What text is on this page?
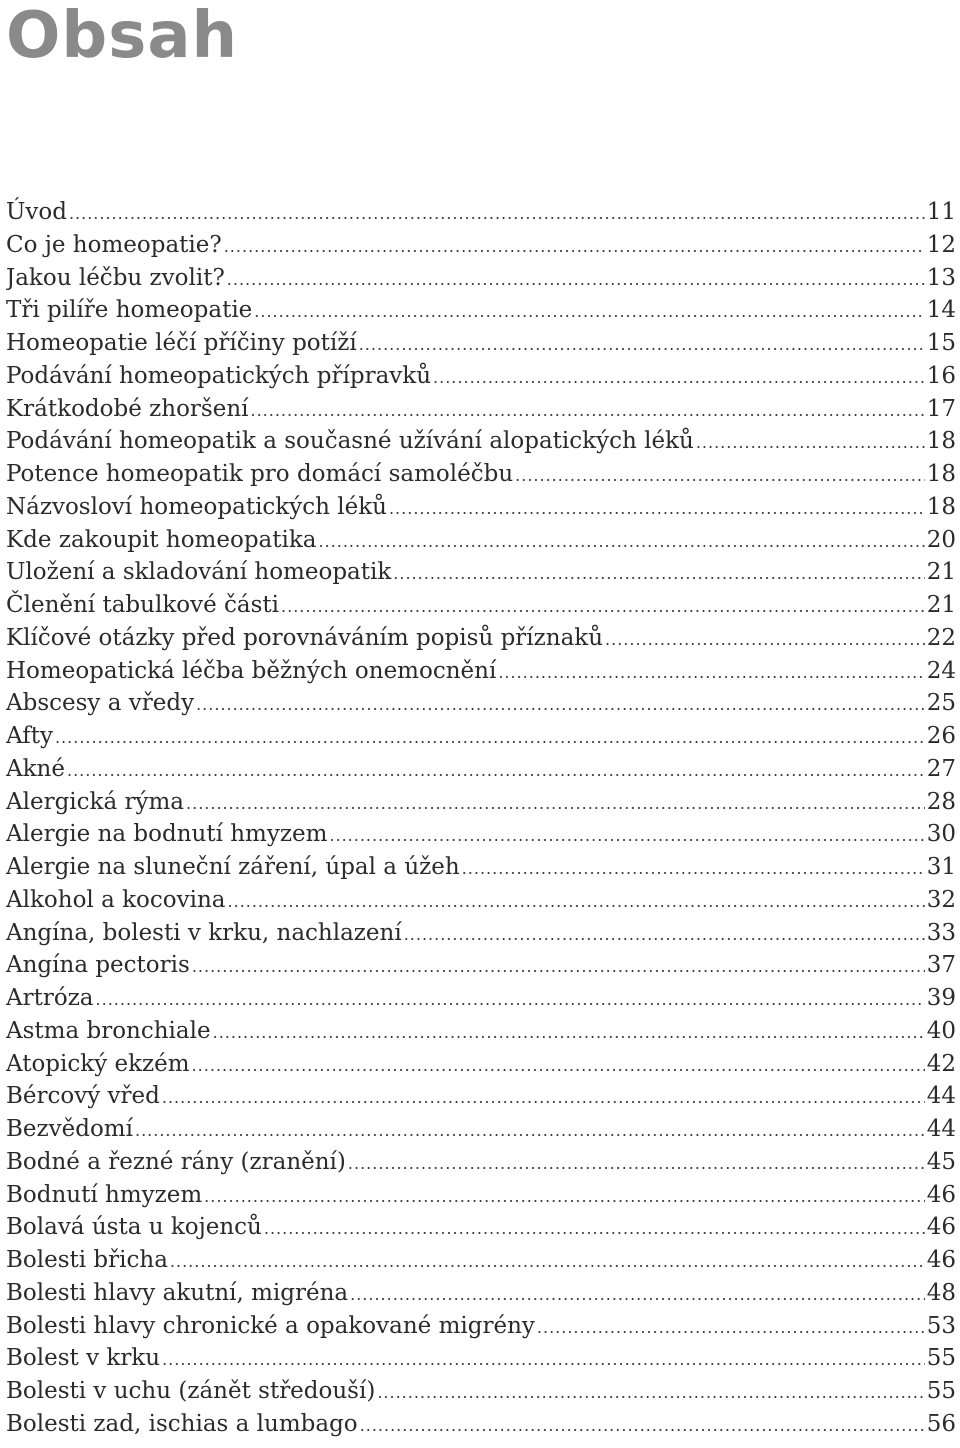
Obsah
Úvod .....	11
Co je homeopatie? .....	12
Jakou léčbu zvolit? .....	13
Tři pilíře homeopatie .....	14
Homeopatie léčí příčiny potíží .....	15
Podávání homeopatických přípravků .....	16
Krátkodobé zhoršení .....	17
Podávání homeopatik a současné užívání alopatických léků .....	18
Potence homeopatik pro domácí samoléčbu .....	18
Názvosloví homeopatických léků .....	18
Kde zakoupit homeopatika .....	20
Uložení a skladování homeopatik .....	21
Členění tabulkové části .....	21
Klíčové otázky před porovnáváním popisů příznaků .....	22
Homeopatická léčba běžných onemocnění .....	24
Abscesy a vředy .....	25
Afty .....	26
Akné .....	27
Alergická rýma .....	28
Alergie na bodnutí hmyzem .....	30
Alergie na sluneční záření, úpal a úžeh .....	31
Alkohol a kocovina .....	32
Angína, bolesti v krku, nachlazení .....	33
Angína pectoris .....	37
Artróza .....	39
Astma bronchiale .....	40
Atopický ekzém .....	42
Bércový vřed .....	44
Bezvědomí .....	44
Bodné a řezné rány (zranění) .....	45
Bodnutí hmyzem .....	46
Bolavá ústa u kojenců .....	46
Bolesti břicha .....	46
Bolesti hlavy akutní, migréna .....	48
Bolesti hlavy chronické a opakované migrény .....	53
Bolest v krku .....	55
Bolesti v uchu (zánět středouší) .....	55
Bolesti zad, ischias a lumbago .....	56
